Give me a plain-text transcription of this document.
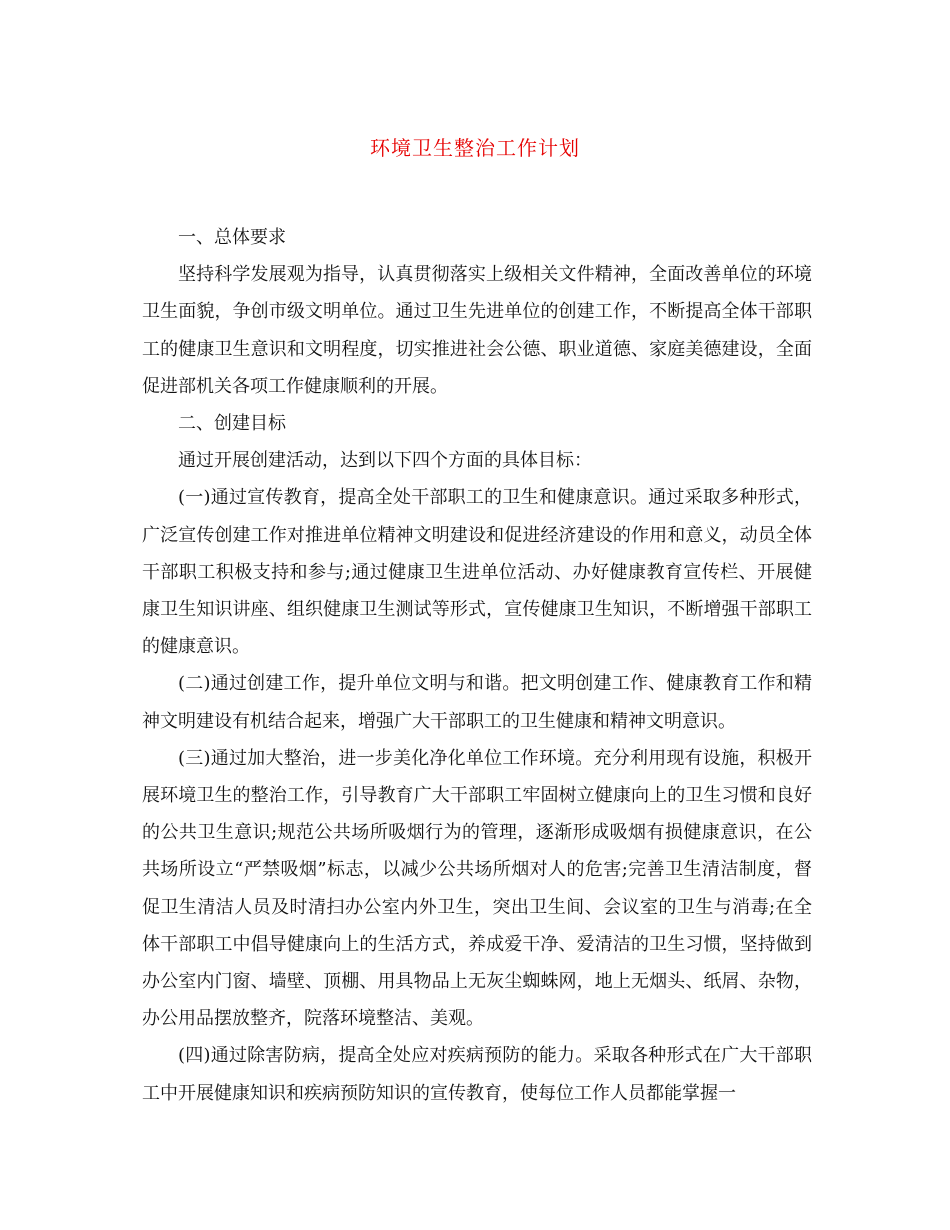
环境卫生整治工作计划

一、总体要求

坚持科学发展观为指导，认真贯彻落实上级相关文件精神，全面改善单位的环境卫生面貌，争创市级文明单位。通过卫生先进单位的创建工作，不断提高全体干部职工的健康卫生意识和文明程度，切实推进社会公德、职业道德、家庭美德建设，全面促进部机关各项工作健康顺利的开展。

二、创建目标

通过开展创建活动，达到以下四个方面的具体目标：

(一)通过宣传教育，提高全处干部职工的卫生和健康意识。通过采取多种形式，广泛宣传创建工作对推进单位精神文明建设和促进经济建设的作用和意义，动员全体干部职工积极支持和参与;通过健康卫生进单位活动、办好健康教育宣传栏、开展健康卫生知识讲座、组织健康卫生测试等形式，宣传健康卫生知识，不断增强干部职工的健康意识。

(二)通过创建工作，提升单位文明与和谐。把文明创建工作、健康教育工作和精神文明建设有机结合起来，增强广大干部职工的卫生健康和精神文明意识。

(三)通过加大整治，进一步美化净化单位工作环境。充分利用现有设施，积极开展环境卫生的整治工作，引导教育广大干部职工牢固树立健康向上的卫生习惯和良好的公共卫生意识;规范公共场所吸烟行为的管理，逐渐形成吸烟有损健康意识，在公共场所设立“严禁吸烟”标志，以减少公共场所烟对人的危害;完善卫生清洁制度，督促卫生清洁人员及时清扫办公室内外卫生，突出卫生间、会议室的卫生与消毒;在全体干部职工中倡导健康向上的生活方式，养成爱干净、爱清洁的卫生习惯，坚持做到办公室内门窗、墙壁、顶棚、用具物品上无灰尘蜘蛛网，地上无烟头、纸屑、杂物，办公用品摆放整齐，院落环境整洁、美观。

(四)通过除害防病，提高全处应对疾病预防的能力。采取各种形式在广大干部职工中开展健康知识和疾病预防知识的宣传教育，使每位工作人员都能掌握一
